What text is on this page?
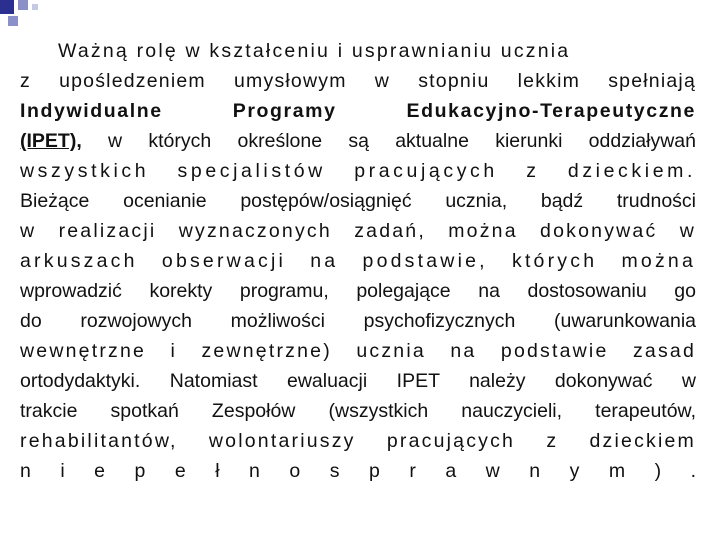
Ważną rolę w kształceniu i usprawnianiu ucznia
z upośledzeniem umysłowym w stopniu lekkim spełniają
Indywidualne Programy Edukacyjno-Terapeutyczne
(IPET), w których określone są aktualne kierunki oddziaływań
wszystkich specjalistów pracujących z dzieckiem.
Bieżące ocenianie postępów/osiągnięć ucznia, bądź trudności
w realizacji wyznaczonych zadań, można dokonywać w
arkuszach obserwacji na podstawie, których można
wprowadzić korekty programu, polegające na dostosowaniu go
do rozwojowych możliwości psychofizycznych (uwarunkowania
wewnętrzne i zewnętrzne) ucznia na podstawie zasad
ortodydaktyki. Natomiast ewaluacji IPET należy dokonywać w
trakcie spotkań Zespołów (wszystkich nauczycieli, terapeutów,
rehabilitantów, wolontariuszy pracujących z dzieckiem
n i e p e ł n o s p r a w n y m ) .
